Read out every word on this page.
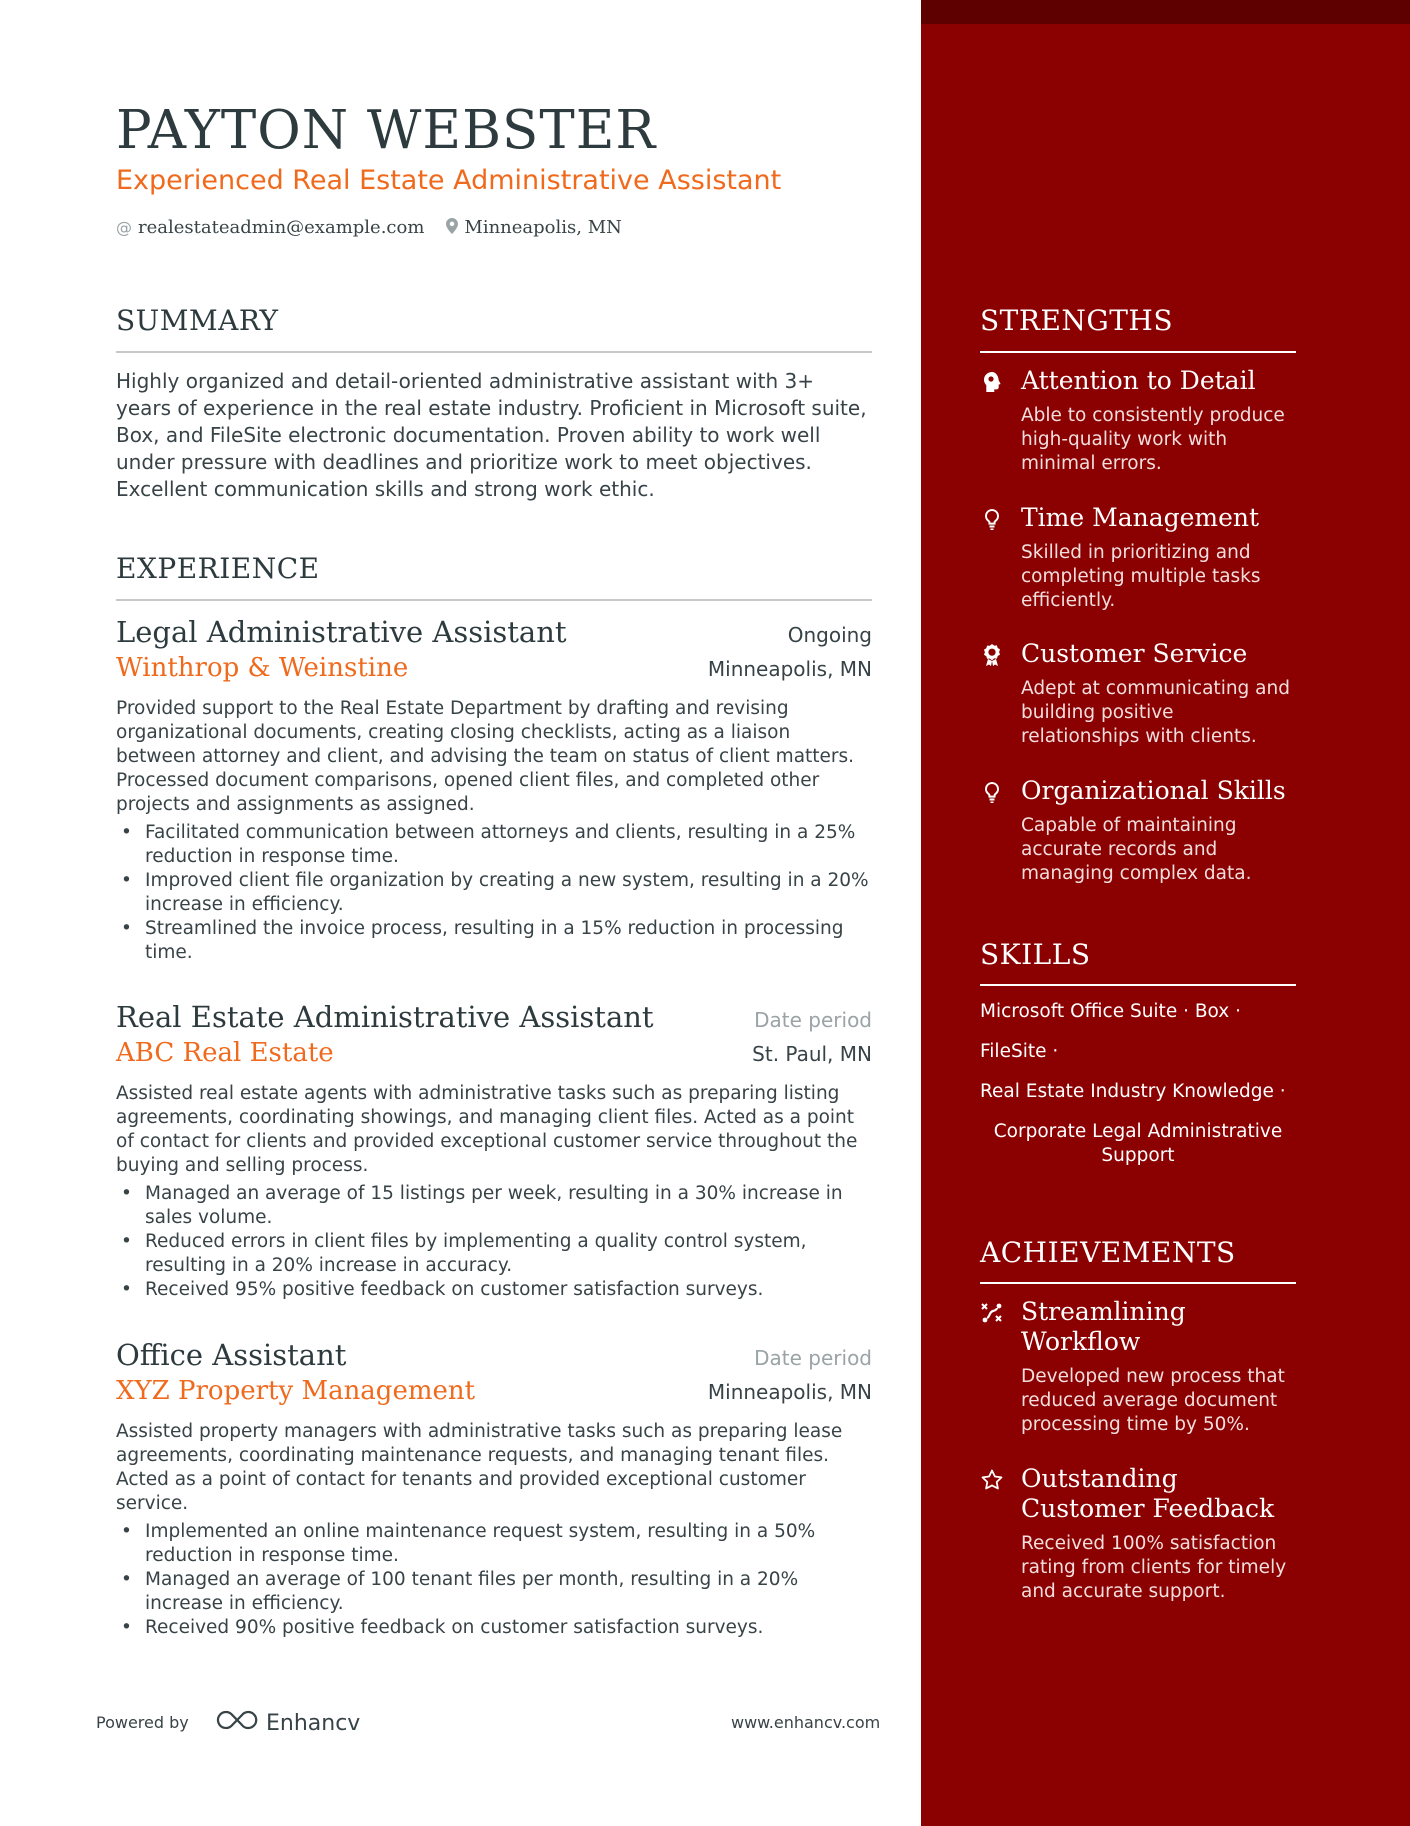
PAYTON WEBSTER
Experienced Real Estate Administrative Assistant
@ realestateadmin@example.com Minneapolis, MN
SUMMARY
Highly organized and detail-oriented administrative assistant with 3+ years of experience in the real estate industry. Proficient in Microsoft suite, Box, and FileSite electronic documentation. Proven ability to work well under pressure with deadlines and prioritize work to meet objectives. Excellent communication skills and strong work ethic.
EXPERIENCE
Legal Administrative Assistant	Ongoing
Winthrop & Weinstine	Minneapolis, MN
Provided support to the Real Estate Department by drafting and revising organizational documents, creating closing checklists, acting as a liaison between attorney and client, and advising the team on status of client matters. Processed document comparisons, opened client files, and completed other projects and assignments as assigned.
• Facilitated communication between attorneys and clients, resulting in a 25% reduction in response time.
• Improved client file organization by creating a new system, resulting in a 20% increase in efficiency.
• Streamlined the invoice process, resulting in a 15% reduction in processing time.
Real Estate Administrative Assistant	Date period
ABC Real Estate	St. Paul, MN
Assisted real estate agents with administrative tasks such as preparing listing agreements, coordinating showings, and managing client files. Acted as a point of contact for clients and provided exceptional customer service throughout the buying and selling process.
• Managed an average of 15 listings per week, resulting in a 30% increase in sales volume.
• Reduced errors in client files by implementing a quality control system, resulting in a 20% increase in accuracy.
• Received 95% positive feedback on customer satisfaction surveys.
Office Assistant	Date period
XYZ Property Management	Minneapolis, MN
Assisted property managers with administrative tasks such as preparing lease agreements, coordinating maintenance requests, and managing tenant files. Acted as a point of contact for tenants and provided exceptional customer service.
• Implemented an online maintenance request system, resulting in a 50% reduction in response time.
• Managed an average of 100 tenant files per month, resulting in a 20% increase in efficiency.
• Received 90% positive feedback on customer satisfaction surveys.
STRENGTHS
Attention to Detail
Able to consistently produce high-quality work with minimal errors.
Time Management
Skilled in prioritizing and completing multiple tasks efficiently.
Customer Service
Adept at communicating and building positive relationships with clients.
Organizational Skills
Capable of maintaining accurate records and managing complex data.
SKILLS
Microsoft Office Suite · Box ·
FileSite ·
Real Estate Industry Knowledge ·
Corporate Legal Administrative Support
ACHIEVEMENTS
Streamlining Workflow
Developed new process that reduced average document processing time by 50%.
Outstanding Customer Feedback
Received 100% satisfaction rating from clients for timely and accurate support.
Powered by	Enhancv	www.enhancv.com
